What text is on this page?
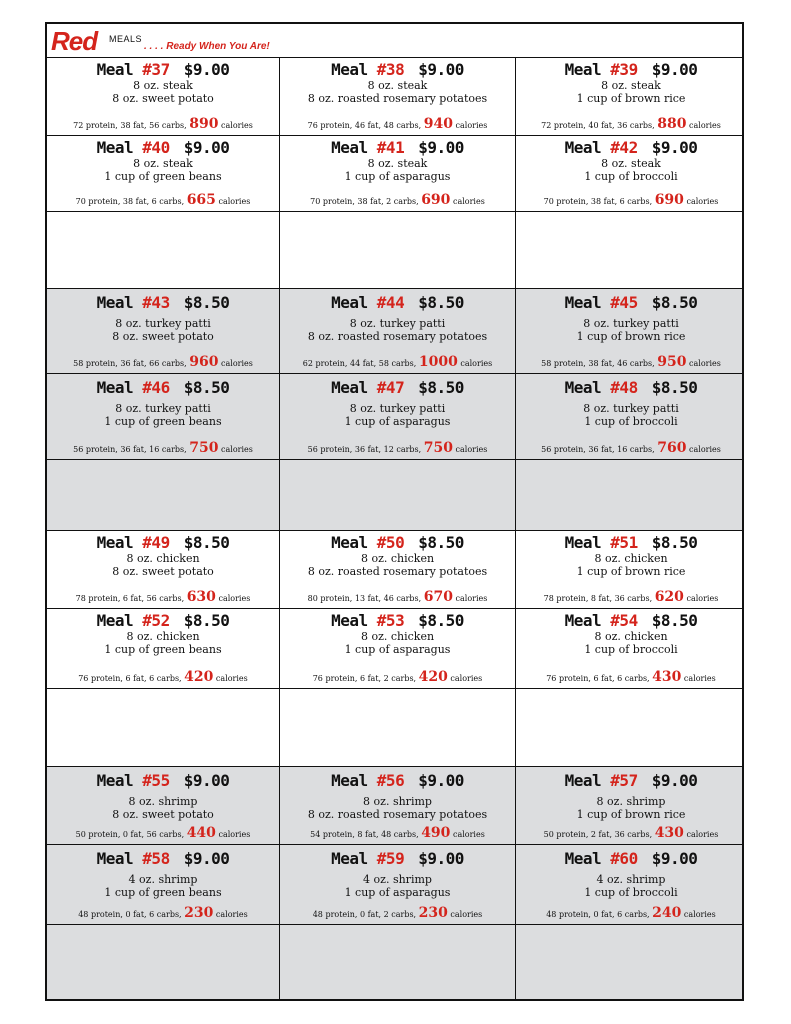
Red MEALS
. . . . Ready When You Are!
Meal #37 $9.00
8 oz. steak
8 oz. sweet potato
72 protein, 38 fat, 56 carbs, 890 calories
Meal #38 $9.00
8 oz. steak
8 oz. roasted rosemary potatoes
76 protein, 46 fat, 48 carbs, 940 calories
Meal #39 $9.00
8 oz. steak
1 cup of brown rice
72 protein, 40 fat, 36 carbs, 880 calories
Meal #40 $9.00
8 oz. steak
1 cup of green beans
70 protein, 38 fat, 6 carbs, 665 calories
Meal #41 $9.00
8 oz. steak
1 cup of asparagus
70 protein, 38 fat, 2 carbs, 690 calories
Meal #42 $9.00
8 oz. steak
1 cup of broccoli
70 protein, 38 fat, 6 carbs, 690 calories
Meal #43 $8.50
8 oz. turkey patti
8 oz. sweet potato
58 protein, 36 fat, 66 carbs, 960 calories
Meal #44 $8.50
8 oz. turkey patti
8 oz. roasted rosemary potatoes
62 protein, 44 fat, 58 carbs, 1000 calories
Meal #45 $8.50
8 oz. turkey patti
1 cup of brown rice
58 protein, 38 fat, 46 carbs, 950 calories
Meal #46 $8.50
8 oz. turkey patti
1 cup of green beans
56 protein, 36 fat, 16 carbs, 750 calories
Meal #47 $8.50
8 oz. turkey patti
1 cup of asparagus
56 protein, 36 fat, 12 carbs, 750 calories
Meal #48 $8.50
8 oz. turkey patti
1 cup of broccoli
56 protein, 36 fat, 16 carbs, 760 calories
Meal #49 $8.50
8 oz. chicken
8 oz. sweet potato
78 protein, 6 fat, 56 carbs, 630 calories
Meal #50 $8.50
8 oz. chicken
8 oz. roasted rosemary potatoes
80 protein, 13 fat, 46 carbs, 670 calories
Meal #51 $8.50
8 oz. chicken
1 cup of brown rice
78 protein, 8 fat, 36 carbs, 620 calories
Meal #52 $8.50
8 oz. chicken
1 cup of green beans
76 protein, 6 fat, 6 carbs, 420 calories
Meal #53 $8.50
8 oz. chicken
1 cup of asparagus
76 protein, 6 fat, 2 carbs, 420 calories
Meal #54 $8.50
8 oz. chicken
1 cup of broccoli
76 protein, 6 fat, 6 carbs, 430 calories
Meal #55 $9.00
8 oz. shrimp
8 oz. sweet potato
50 protein, 0 fat, 56 carbs, 440 calories
Meal #56 $9.00
8 oz. shrimp
8 oz. roasted rosemary potatoes
54 protein, 8 fat, 48 carbs, 490 calories
Meal #57 $9.00
8 oz. shrimp
1 cup of brown rice
50 protein, 2 fat, 36 carbs, 430 calories
Meal #58 $9.00
4 oz. shrimp
1 cup of green beans
48 protein, 0 fat, 6 carbs, 230 calories
Meal #59 $9.00
4 oz. shrimp
1 cup of asparagus
48 protein, 0 fat, 2 carbs, 230 calories
Meal #60 $9.00
4 oz. shrimp
1 cup of broccoli
48 protein, 0 fat, 6 carbs, 240 calories
